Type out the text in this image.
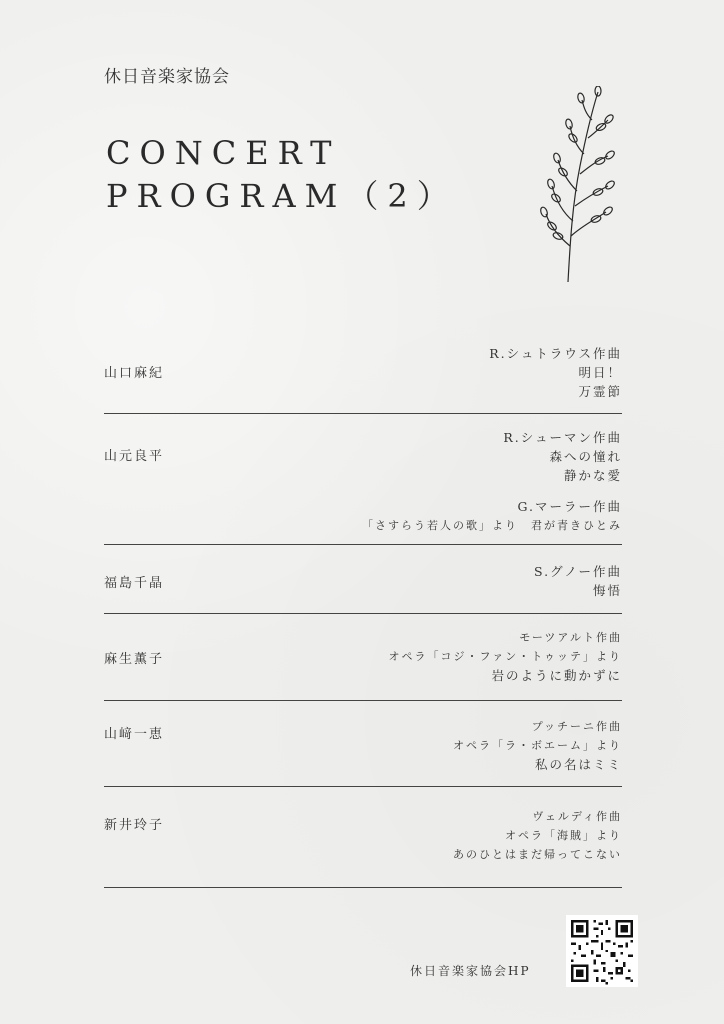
休日音楽家協会
CONCERT
PROGRAM（2）
山口麻紀
R.シュトラウス作曲
明日！
万霊節
山元良平
R.シューマン作曲
森への憧れ
静かな愛
G.マーラー作曲
「さすらう若人の歌」より　君が青きひとみ
福島千晶
S.グノー作曲
悔悟
麻生薫子
モーツアルト作曲
オペラ「コジ・ファン・トゥッテ」より
岩のように動かずに
山﨑一恵
プッチーニ作曲
オペラ「ラ・ボエーム」より
私の名はミミ
新井玲子
ヴェルディ作曲
オペラ「海賊」より
あのひとはまだ帰ってこない
休日音楽家協会HP
